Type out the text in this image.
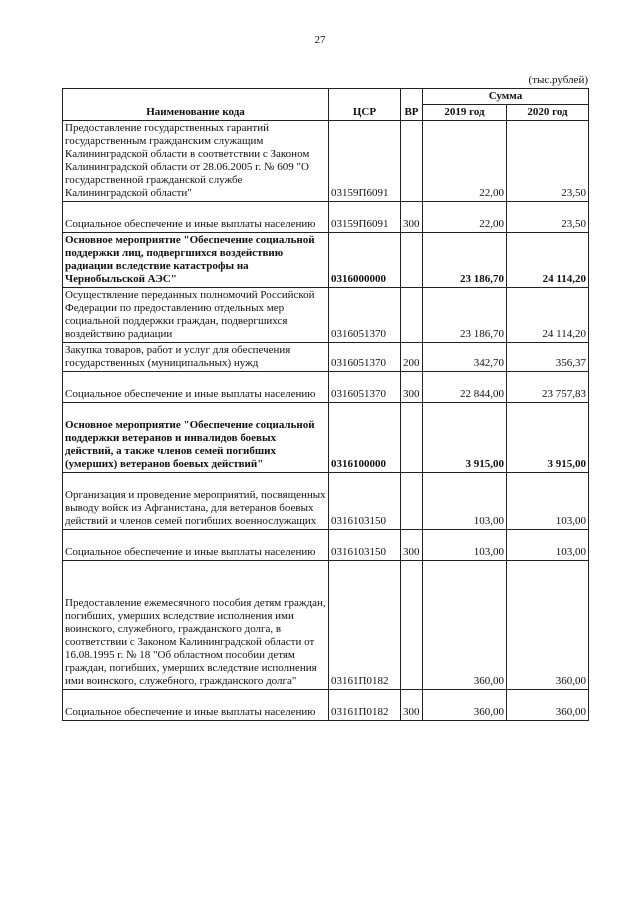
27
(тыс.рублей)
Наименование кода	ЦСР	ВР	Сумма	
			2019 год	2020 год
Предоставление государственных гарантий государственным гражданским служащим Калининградской области в соответствии с Законом Калининградской области от 28.06.2005 г. № 609 "О государственной гражданской службе Калининградской области"	03159П6091		22,00	23,50
Социальное обеспечение и иные выплаты населению	03159П6091	300	22,00	23,50
Основное мероприятие "Обеспечение социальной поддержки лиц, подвергшихся воздействию радиации вследствие катастрофы на Чернобыльской АЭС"	0316000000		23 186,70	24 114,20
Осуществление переданных полномочий Российской Федерации по предоставлению отдельных мер социальной поддержки граждан, подвергшихся воздействию радиации	0316051370		23 186,70	24 114,20
Закупка товаров, работ и услуг для обеспечения государственных (муниципальных) нужд	0316051370	200	342,70	356,37
Социальное обеспечение и иные выплаты населению	0316051370	300	22 844,00	23 757,83
Основное мероприятие "Обеспечение социальной поддержки ветеранов и инвалидов боевых действий, а также членов семей погибших (умерших) ветеранов боевых действий"	0316100000		3 915,00	3 915,00
Организация и проведение мероприятий, посвященных выводу войск из Афганистана, для ветеранов боевых действий и членов семей погибших военнослужащих	0316103150		103,00	103,00
Социальное обеспечение и иные выплаты населению	0316103150	300	103,00	103,00
Предоставление ежемесячного пособия детям граждан, погибших, умерших вследствие исполнения ими воинского, служебного, гражданского долга, в соответствии с Законом Калининградской области от 16.08.1995 г. № 18 "Об областном пособии детям граждан, погибших, умерших вследствие исполнения ими воинского, служебного, гражданского долга"	03161П0182		360,00	360,00
Социальное обеспечение и иные выплаты населению	03161П0182	300	360,00	360,00
